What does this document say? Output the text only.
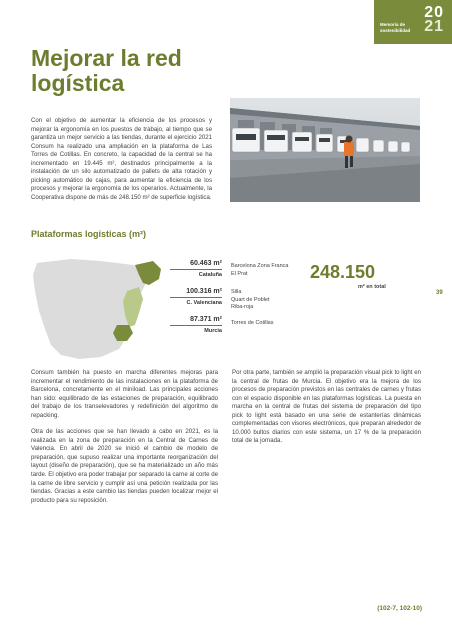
Memoria de
sostenibilidad
20
21
Mejorar la red
logística
Con el objetivo de aumentar la eficiencia de los procesos y mejorar la ergonomía en los puestos de trabajo, al tiempo que se garantiza un mejor servicio a las tiendas, durante el ejercicio 2021 Consum ha realizado una ampliación en la plataforma de Las Torres de Cotillas. En concreto, la capacidad de la central se ha incrementado en 19.445 m², destinados principalmente a la instalación de un silo automatizado de pallets de alta rotación y picking automático de cajas, para aumentar la eficiencia de los procesos y mejorar la ergonomía de los operarios. Actualmente, la Cooperativa dispone de más de 248.150 m² de superficie logística.
Plataformas logísticas (m²)
60.463 m²
Cataluña
100.316 m²
C. Valenciana
87.371 m²
Murcia
Barcelona Zona Franca
El Prat
Silla
Quart de Poblet
Riba-roja
Torres de Cotillas
248.150
m² en total
39

Consum también ha puesto en marcha diferentes mejoras para incrementar el rendimiento de las instalaciones en la plataforma de Barcelona, concretamente en el miniload. Las principales acciones han sido: equilibrado de las estaciones de preparación, equilibrado del trabajo de los transelevadores y redefinición del algoritmo de repacking.

Otra de las acciones que se han llevado a cabo en 2021, es la realizada en la zona de preparación en la Central de Carnes de Valencia. En abril de 2020 se inició el cambio de modelo de preparación, que supuso realizar una importante reorganización del layout (diseño de preparación), que se ha materializado un año más tarde. El objetivo era poder trabajar por separado la carne al corte de la carne de libre servicio y cumplir así una petición realizada por las tiendas. Gracias a este cambio las tiendas pueden localizar mejor el producto para su reposición.

Por otra parte, también se amplió la preparación visual pick to light en la central de frutas de Murcia. El objetivo era la mejora de los procesos de preparación previstos en las centrales de carnes y frutas con el espacio disponible en las plataformas logísticas. La puesta en marcha en la central de frutas del sistema de preparación del tipo pick to light está basado en una serie de estanterías dinámicas complementadas con visores electrónicos, que preparan alrededor de 10.000 bultos diarios con este sistema, un 17 % de la preparación total de la jornada.

(102-7, 102-10)
